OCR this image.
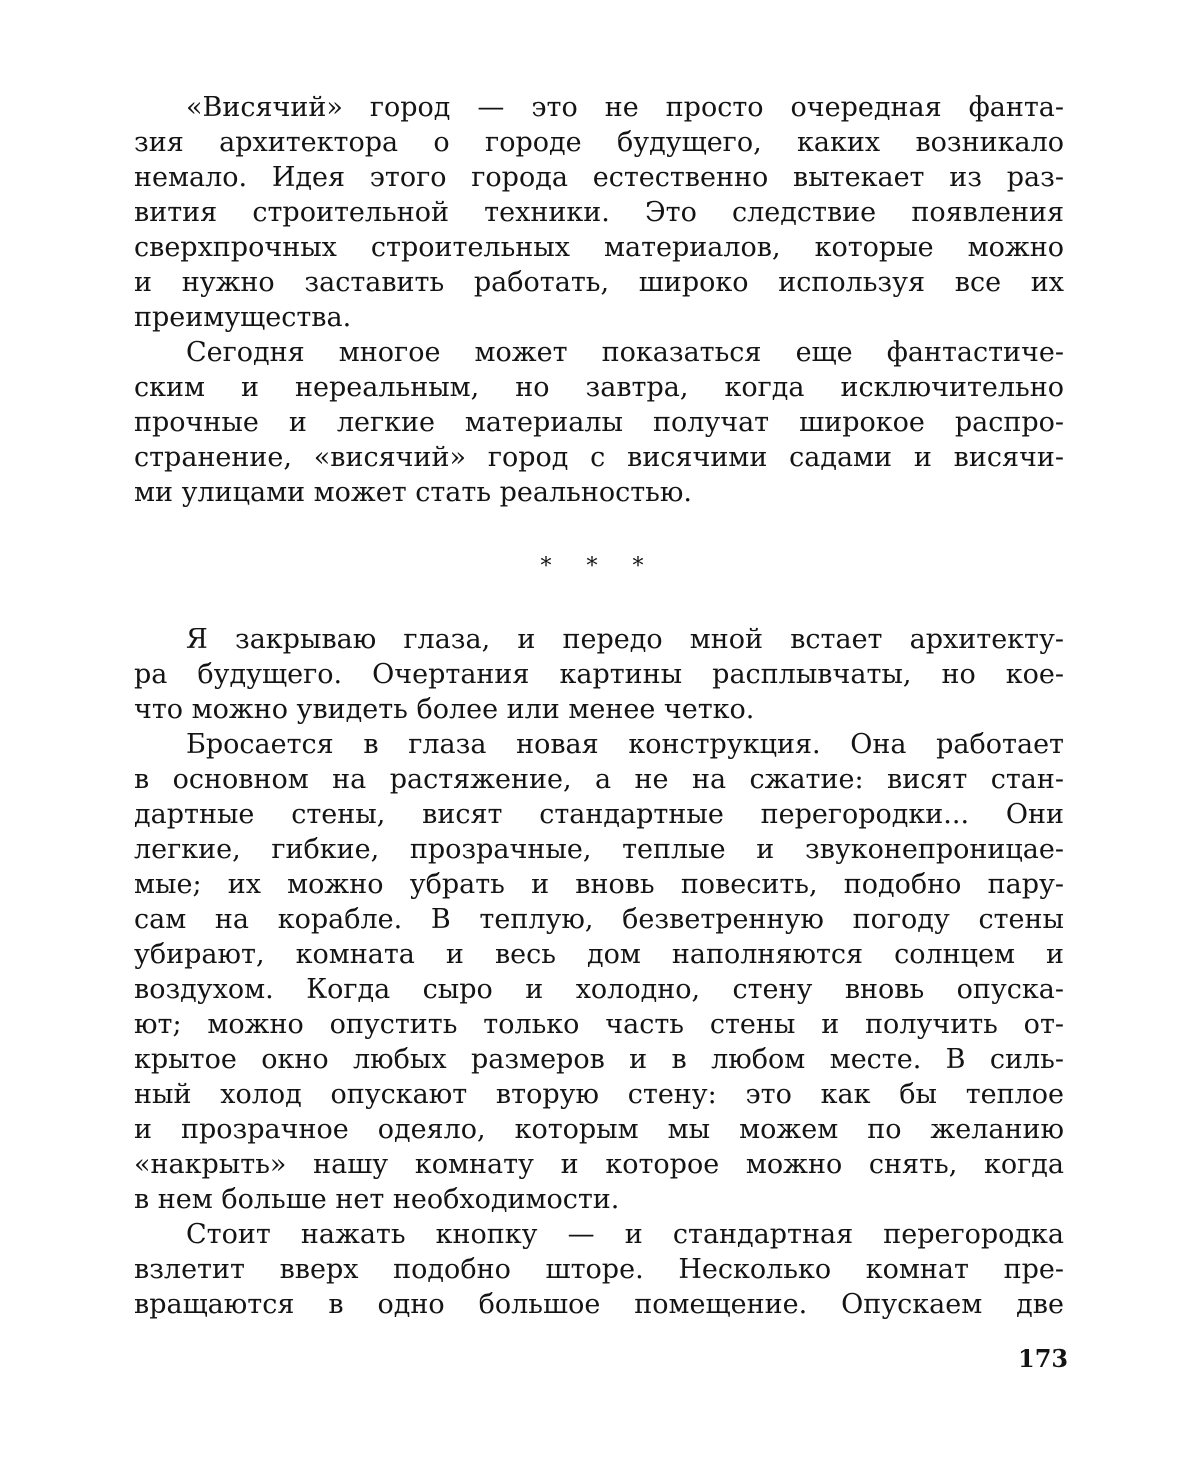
«Висячий» город — это не просто очередная фанта-
зия архитектора о городе будущего, каких возникало
немало. Идея этого города естественно вытекает из раз-
вития строительной техники. Это следствие появления
сверхпрочных строительных материалов, которые можно
и нужно заставить работать, широко используя все их
преимущества.
Сегодня многое может показаться еще фантастиче-
ским и нереальным, но завтра, когда исключительно
прочные и легкие материалы получат широкое распро-
странение, «висячий» город с висячими садами и висячи-
ми улицами может стать реальностью.
* * *
Я закрываю глаза, и передо мной встает архитекту-
ра будущего. Очертания картины расплывчаты, но кое-
что можно увидеть более или менее четко.
Бросается в глаза новая конструкция. Она работает
в основном на растяжение, а не на сжатие: висят стан-
дартные стены, висят стандартные перегородки... Они
легкие, гибкие, прозрачные, теплые и звуконепроницае-
мые; их можно убрать и вновь повесить, подобно пару-
сам на корабле. В теплую, безветренную погоду стены
убирают, комната и весь дом наполняются солнцем и
воздухом. Когда сыро и холодно, стену вновь опуска-
ют; можно опустить только часть стены и получить от-
крытое окно любых размеров и в любом месте. В силь-
ный холод опускают вторую стену: это как бы теплое
и прозрачное одеяло, которым мы можем по желанию
«накрыть» нашу комнату и которое можно снять, когда
в нем больше нет необходимости.
Стоит нажать кнопку — и стандартная перегородка
взлетит вверх подобно шторе. Несколько комнат пре-
вращаются в одно большое помещение. Опускаем две
173
